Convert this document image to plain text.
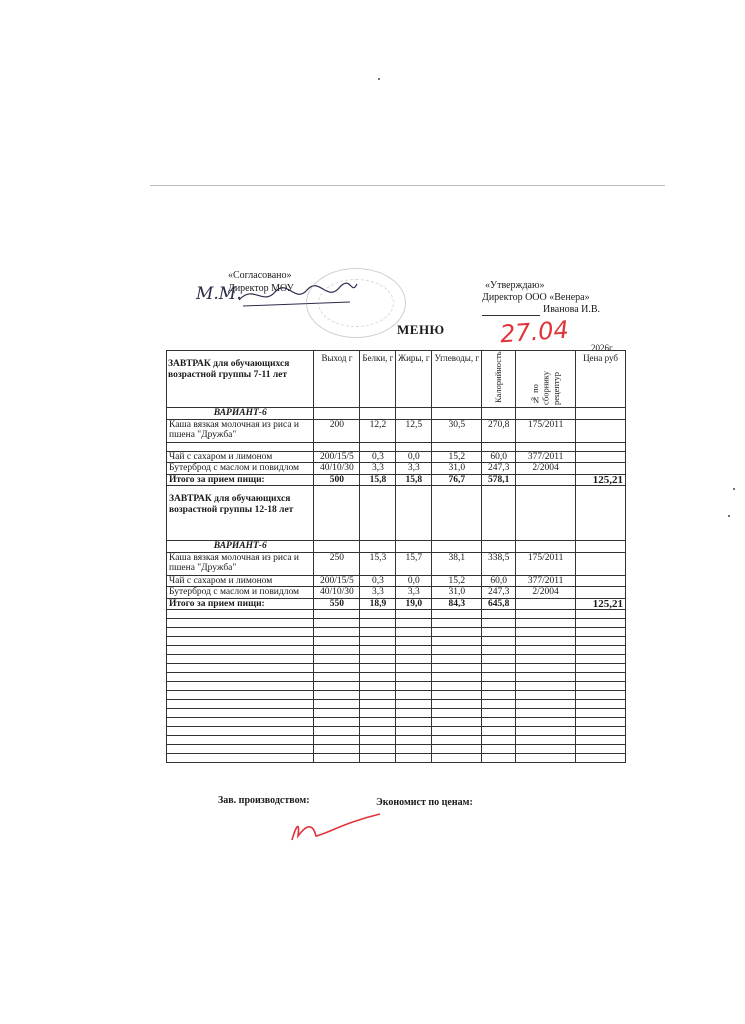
«Согласовано»
Директор МОУ
М.М.	«Утверждаю»
Директор ООО «Венера»
Иванова И.В.
МЕНЮ 27.04 2026г..
ЗАВТРАК для обучающихся возрастной группы 7-11 лет	Выход г	Белки, г	Жиры, г	Углеводы, г	Калорийность	№ по сборнику рецептур	Цена руб
ВАРИАНТ-6							
Каша вязкая молочная из риса и пшена "Дружба"	200	12,2	12,5	30,5	270,8	175/2011	

Чай с сахаром и лимоном	200/15/5	0,3	0,0	15,2	60,0	377/2011	
Бутерброд с маслом и повидлом	40/10/30	3,3	3,3	31,0	247,3	2/2004	
Итого за прием пищи:	500	15,8	15,8	76,7	578,1		125,21
ЗАВТРАК для обучающихся возрастной группы 12-18 лет							
ВАРИАНТ-6							
Каша вязкая молочная из риса и пшена "Дружба"	250	15,3	15,7	38,1	338,5	175/2011	
Чай с сахаром и лимоном	200/15/5	0,3	0,0	15,2	60,0	377/2011	
Бутерброд с маслом и повидлом	40/10/30	3,3	3,3	31,0	247,3	2/2004	
Итого за прием пищи:	550	18,9	19,0	84,3	645,8		125,21

Зав. производством:	Экономист по ценам:
